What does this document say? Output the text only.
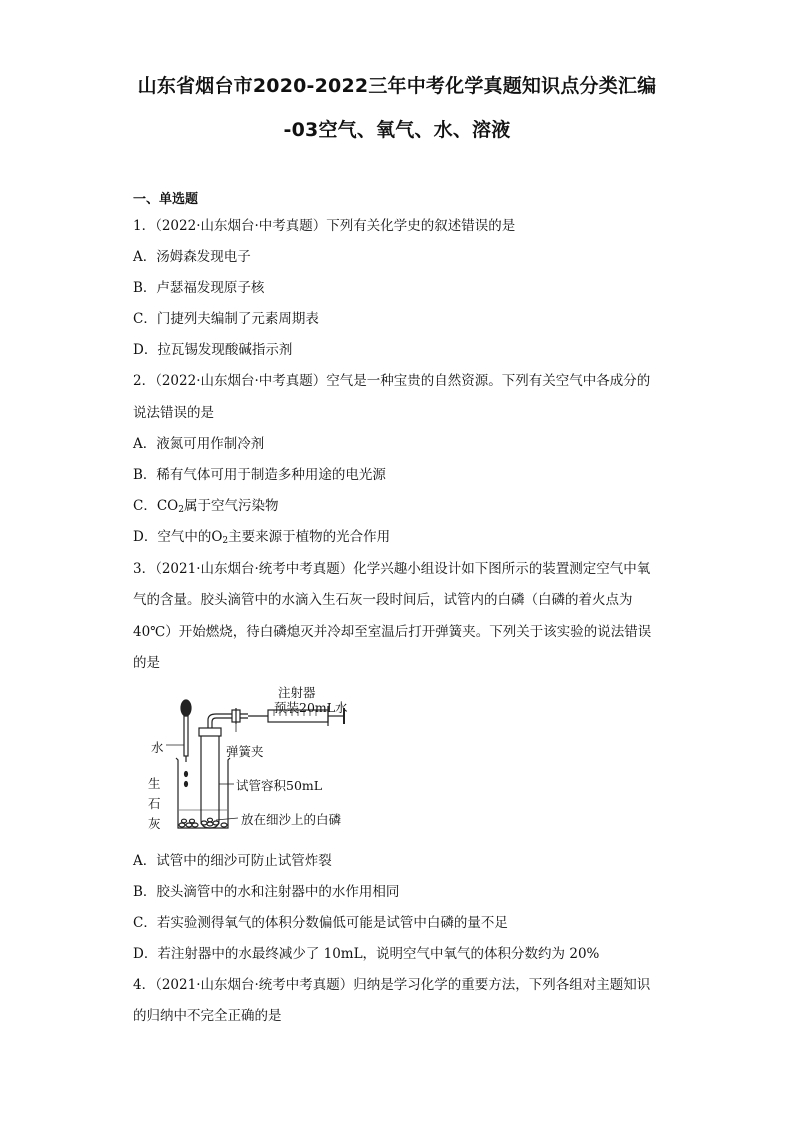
山东省烟台市2020-2022三年中考化学真题知识点分类汇编
-03空气、氧气、水、溶液
一、单选题
1．（2022·山东烟台·中考真题）下列有关化学史的叙述错误的是
A．汤姆森发现电子
B．卢瑟福发现原子核
C．门捷列夫编制了元素周期表
D．拉瓦锡发现酸碱指示剂
2．（2022·山东烟台·中考真题）空气是一种宝贵的自然资源。下列有关空气中各成分的
说法错误的是
A．液氮可用作制冷剂
B．稀有气体可用于制造多种用途的电光源
C．$CO_2$属于空气污染物
D．空气中的$O_2$主要来源于植物的光合作用
3．（2021·山东烟台·统考中考真题）化学兴趣小组设计如下图所示的装置测定空气中氧
气的含量。胶头滴管中的水滴入生石灰一段时间后，试管内的白磷（白磷的着火点为
40℃）开始燃烧，待白磷熄灭并冷却至室温后打开弹簧夹。下列关于该实验的说法错误
的是
注射器
预装20mL水
水	弹簧夹
生
石
灰
试管容积50mL
放在细沙上的白磷
A．试管中的细沙可防止试管炸裂
B．胶头滴管中的水和注射器中的水作用相同
C．若实验测得氧气的体积分数偏低可能是试管中白磷的量不足
D．若注射器中的水最终减少了 10mL，说明空气中氧气的体积分数约为 20%
4．（2021·山东烟台·统考中考真题）归纳是学习化学的重要方法，下列各组对主题知识
的归纳中不完全正确的是
